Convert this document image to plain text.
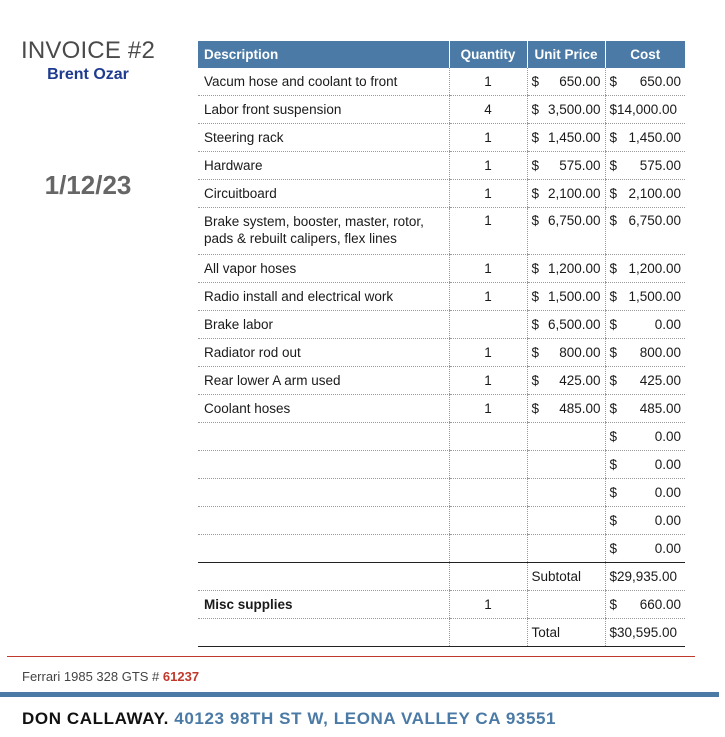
INVOICE #2
Brent Ozar
1/12/23
Description	Quantity	Unit Price	Cost
Vacum hose and coolant to front	1	$ 650.00	$ 650.00

Labor front suspension	4	$ 3,500.00	$14,000.00
Steering rack	1	$ 1,450.00	$ 1,450.00

Hardware	1	$ 575.00	$ 575.00

Circuitboard	1	$ 2,100.00	$ 2,100.00

Brake system, booster, master, rotor, pads & rebuilt calipers, flex lines	1	$ 6,750.00	$ 6,750.00

All vapor hoses	1	$ 1,200.00	$ 1,200.00

Radio install and electrical work	1	$ 1,500.00	$ 1,500.00

Brake labor		$ 6,500.00	$ 0.00

Radiator rod out	1	$ 800.00	$ 800.00

Rear lower A arm used	1	$ 425.00	$ 425.00

Coolant hoses	1	$ 485.00	$ 485.00

			$ 0.00

			$ 0.00

			$ 0.00

			$ 0.00

			$ 0.00

		Subtotal	$29,935.00
Misc supplies	1		$ 660.00

		Total	$30,595.00
Ferrari 1985 328 GTS # 61237
DON CALLAWAY. 40123 98TH ST W, LEONA VALLEY CA 93551
